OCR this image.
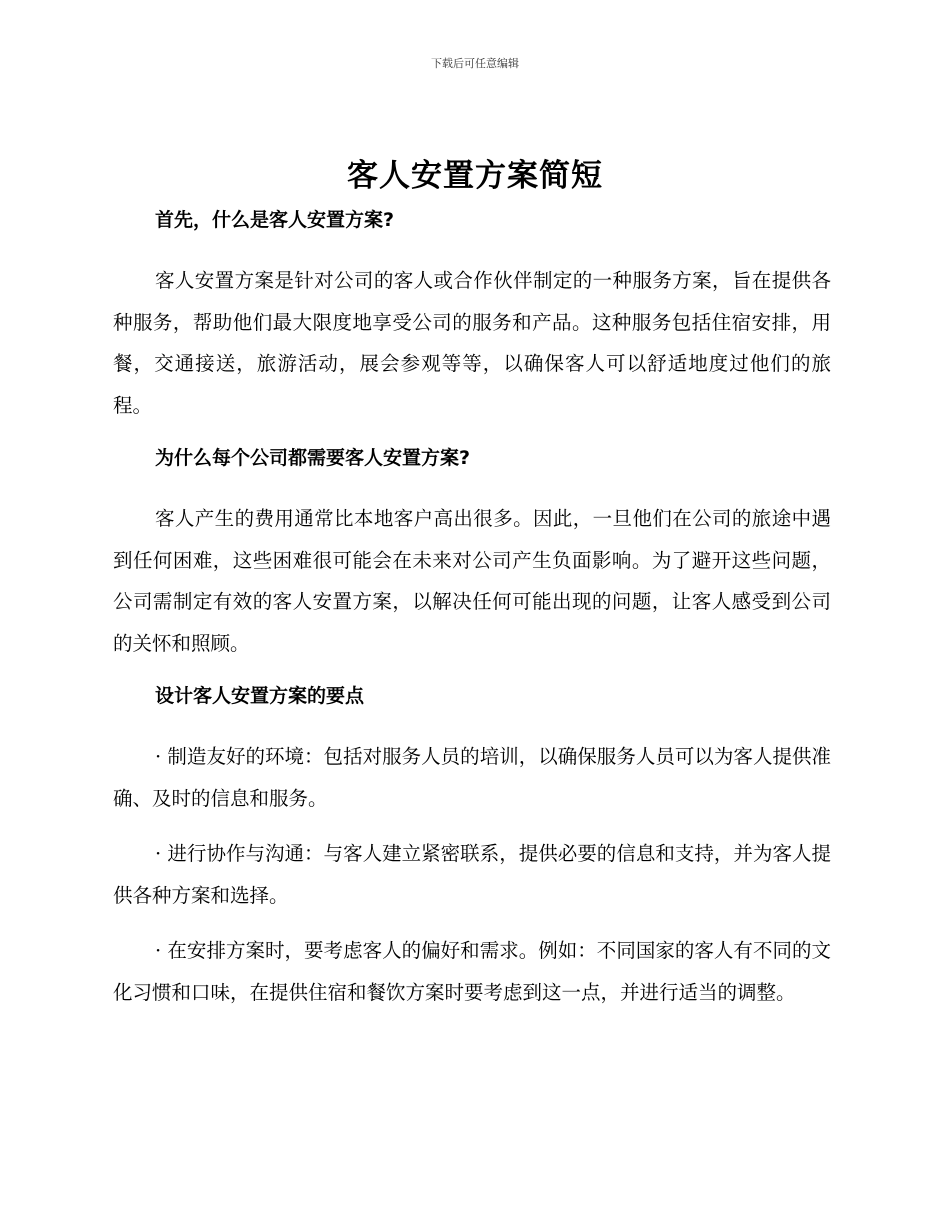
下载后可任意编辑
客人安置方案简短
首先，什么是客人安置方案?

客人安置方案是针对公司的客人或合作伙伴制定的一种服务方案，旨在提供各种服务，帮助他们最大限度地享受公司的服务和产品。这种服务包括住宿安排，用餐，交通接送，旅游活动，展会参观等等，以确保客人可以舒适地度过他们的旅程。

为什么每个公司都需要客人安置方案?

客人产生的费用通常比本地客户高出很多。因此，一旦他们在公司的旅途中遇到任何困难，这些困难很可能会在未来对公司产生负面影响。为了避开这些问题，公司需制定有效的客人安置方案，以解决任何可能出现的问题，让客人感受到公司的关怀和照顾。

设计客人安置方案的要点

· 制造友好的环境：包括对服务人员的培训，以确保服务人员可以为客人提供准确、及时的信息和服务。

· 进行协作与沟通：与客人建立紧密联系，提供必要的信息和支持，并为客人提供各种方案和选择。

· 在安排方案时，要考虑客人的偏好和需求。例如：不同国家的客人有不同的文化习惯和口味，在提供住宿和餐饮方案时要考虑到这一点，并进行适当的调整。
